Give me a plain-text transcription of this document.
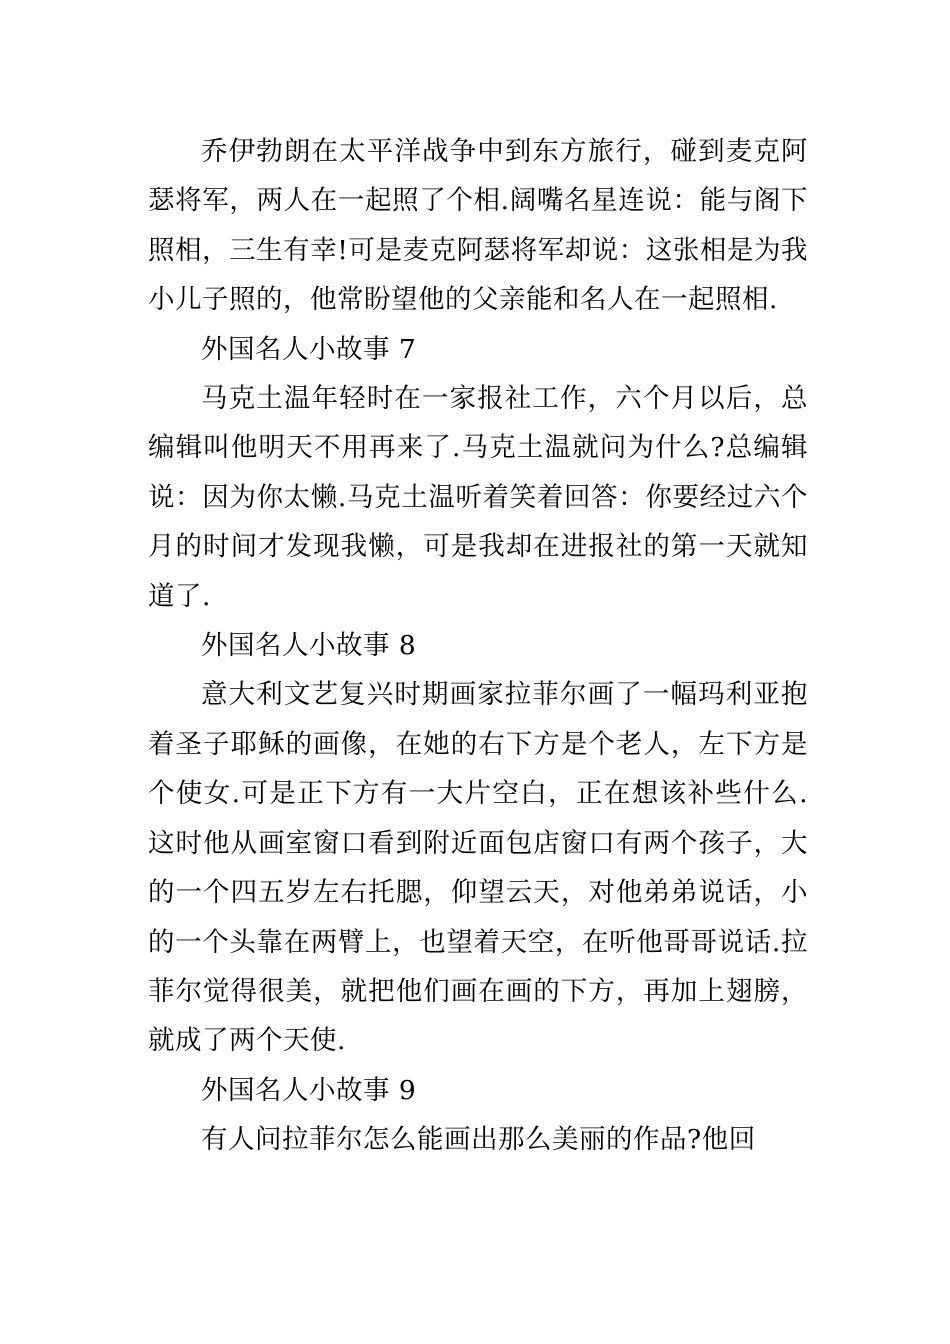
乔伊勃朗在太平洋战争中到东方旅行，碰到麦克阿瑟将军，两人在一起照了个相.阔嘴名星连说：能与阁下照相，三生有幸!可是麦克阿瑟将军却说：这张相是为我小儿子照的，他常盼望他的父亲能和名人在一起照相.

外国名人小故事 7

马克土温年轻时在一家报社工作，六个月以后，总编辑叫他明天不用再来了.马克土温就问为什么?总编辑说：因为你太懒.马克土温听着笑着回答：你要经过六个月的时间才发现我懒，可是我却在进报社的第一天就知道了.

外国名人小故事 8

意大利文艺复兴时期画家拉菲尔画了一幅玛利亚抱着圣子耶稣的画像，在她的右下方是个老人，左下方是个使女.可是正下方有一大片空白，正在想该补些什么.这时他从画室窗口看到附近面包店窗口有两个孩子，大的一个四五岁左右托腮，仰望云天，对他弟弟说话，小的一个头靠在两臂上，也望着天空，在听他哥哥说话.拉菲尔觉得很美，就把他们画在画的下方，再加上翅膀，就成了两个天使.

外国名人小故事 9

有人问拉菲尔怎么能画出那么美丽的作品?他回
